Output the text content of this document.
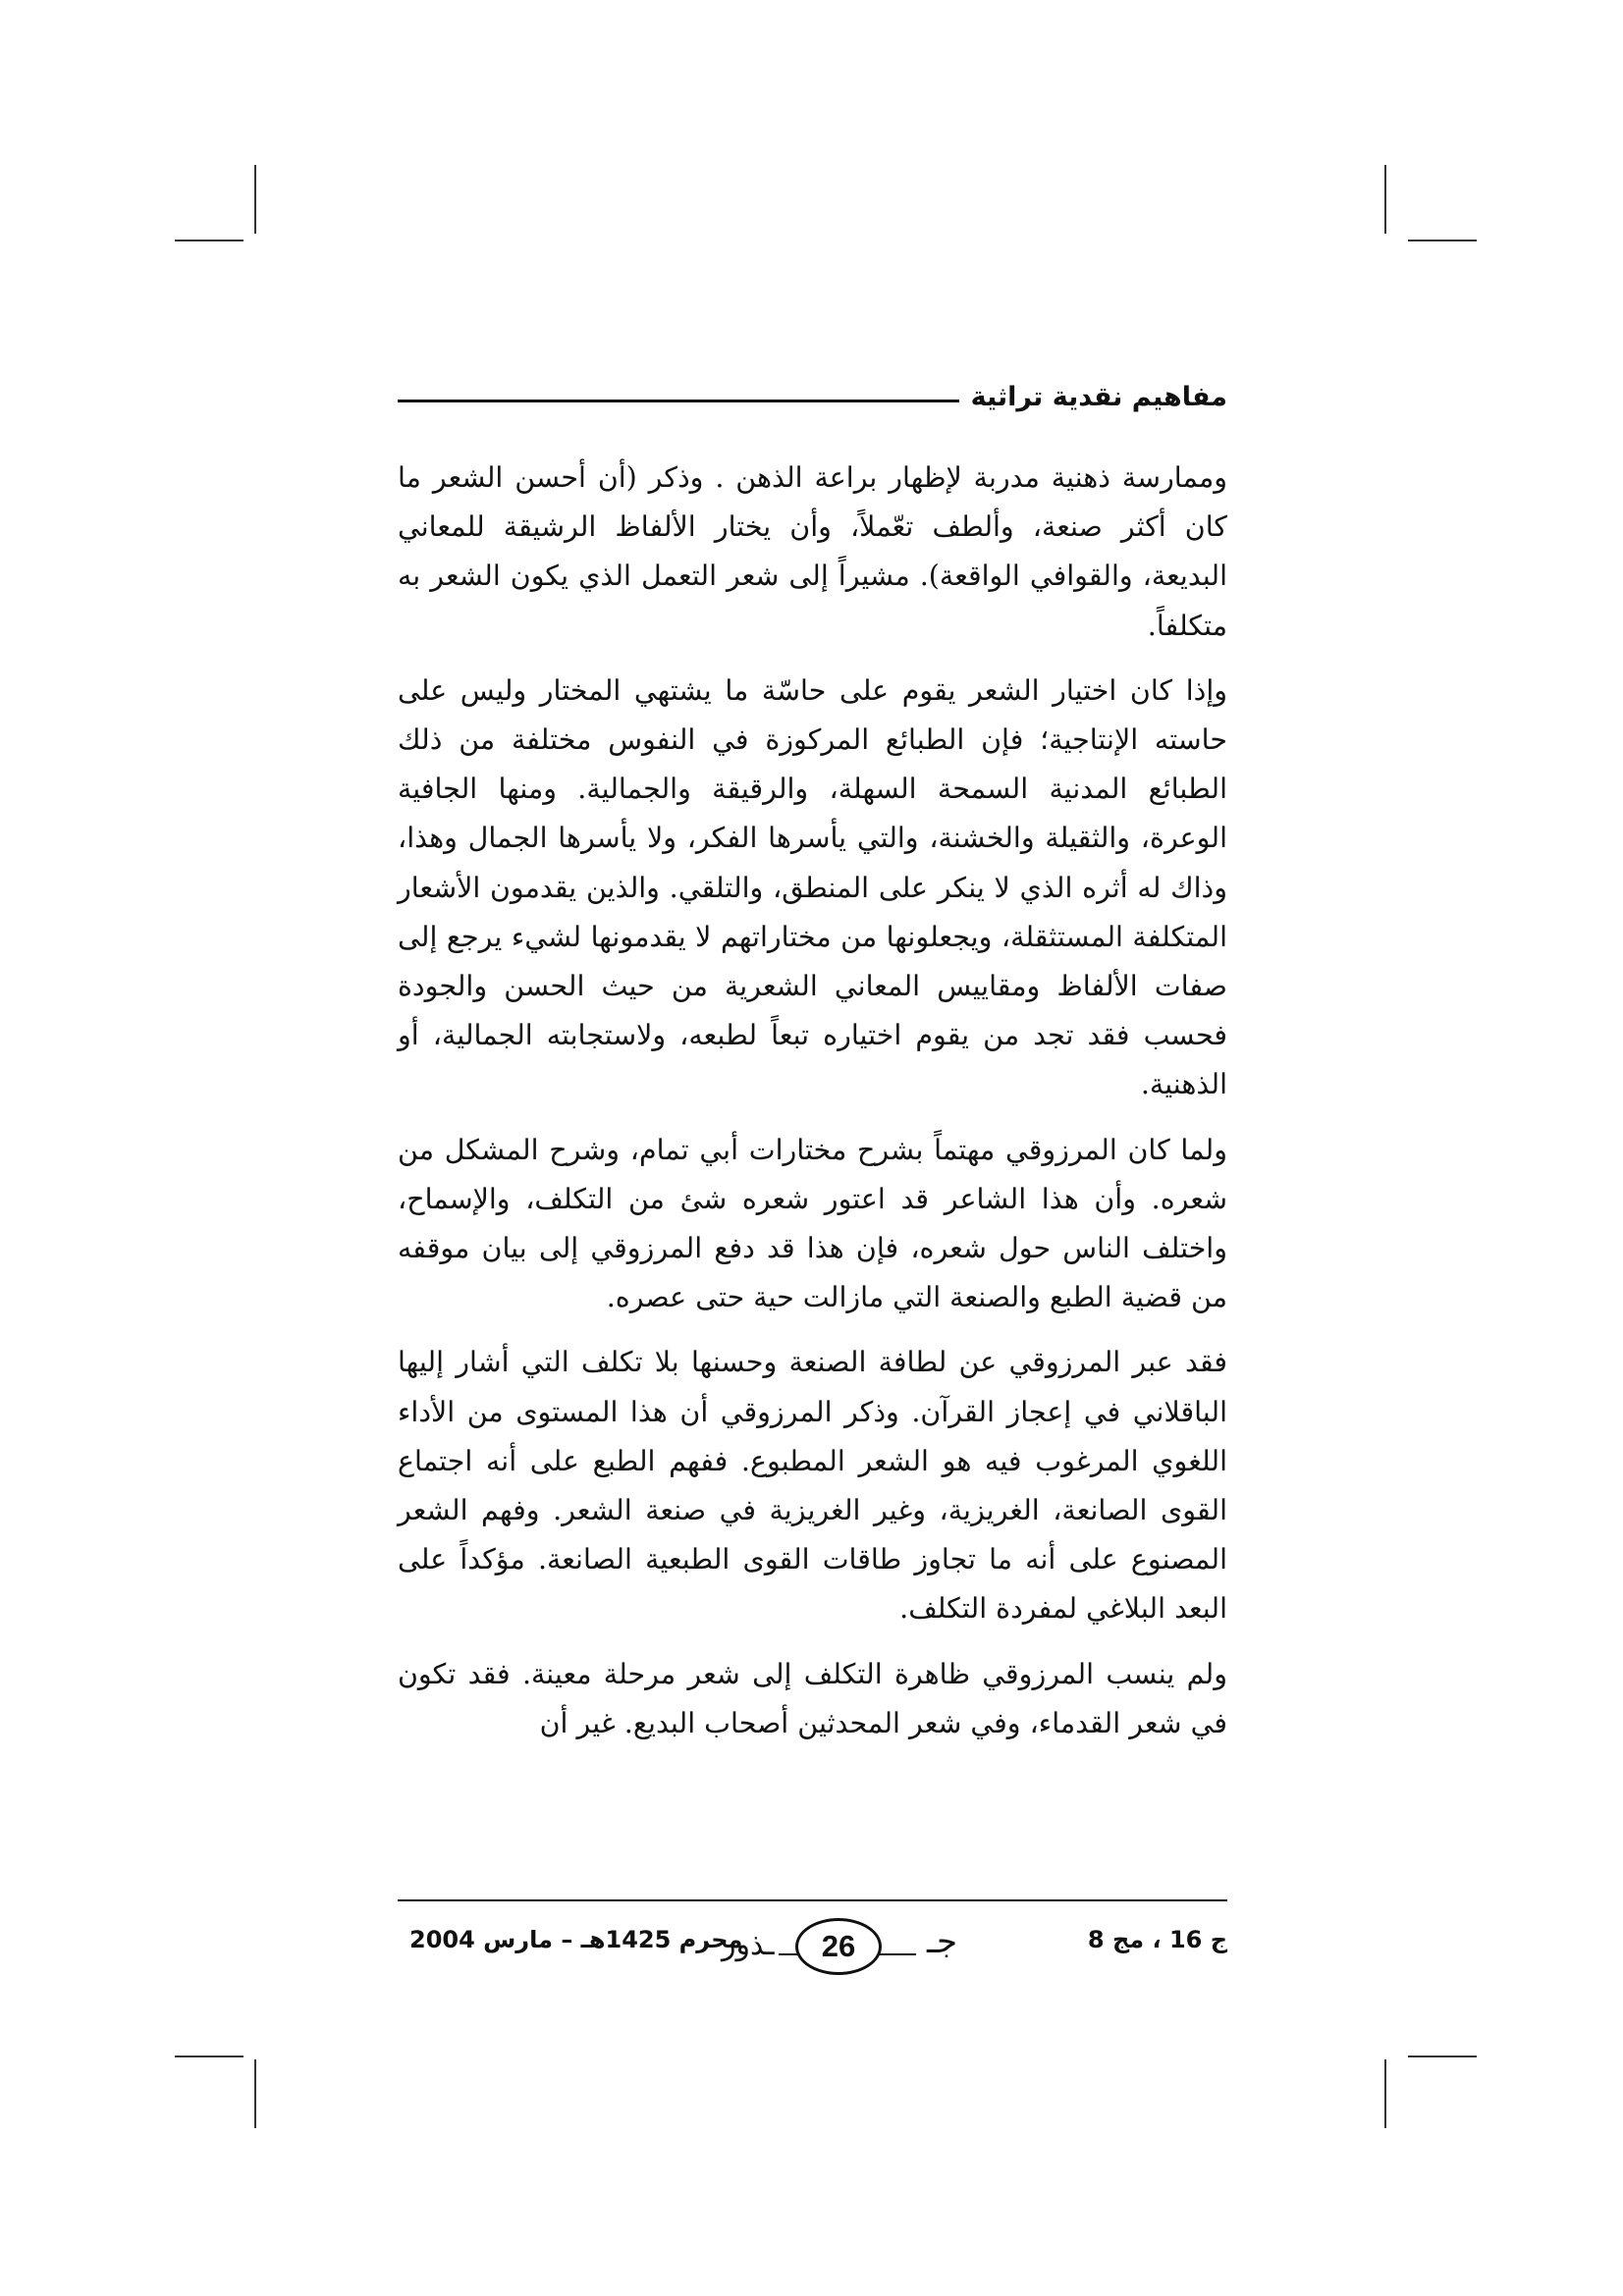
مفاهيم نقدية تراثية

وممارسة ذهنية مدربة لإظهار براعة الذهن . وذكر (أن أحسن الشعر ما كان أكثر صنعة، وألطف تعّملاً، وأن يختار الألفاظ الرشيقة للمعاني البديعة، والقوافي الواقعة). مشيراً إلى شعر التعمل الذي يكون الشعر به متكلفاً.

وإذا كان اختيار الشعر يقوم على حاسّة ما يشتهي المختار وليس على حاسته الإنتاجية؛ فإن الطبائع المركوزة في النفوس مختلفة من ذلك الطبائع المدنية السمحة السهلة، والرقيقة والجمالية. ومنها الجافية الوعرة، والثقيلة والخشنة، والتي يأسرها الفكر، ولا يأسرها الجمال وهذا، وذاك له أثره الذي لا ينكر على المنطق، والتلقي. والذين يقدمون الأشعار المتكلفة المستثقلة، ويجعلونها من مختاراتهم لا يقدمونها لشيء يرجع إلى صفات الألفاظ ومقاييس المعاني الشعرية من حيث الحسن والجودة فحسب فقد تجد من يقوم اختياره تبعاً لطبعه، ولاستجابته الجمالية، أو الذهنية.

ولما كان المرزوقي مهتماً بشرح مختارات أبي تمام، وشرح المشكل من شعره. وأن هذا الشاعر قد اعتور شعره شئ من التكلف، والإسماح، واختلف الناس حول شعره، فإن هذا قد دفع المرزوقي إلى بيان موقفه من قضية الطبع والصنعة التي مازالت حية حتى عصره.

فقد عبر المرزوقي عن لطافة الصنعة وحسنها بلا تكلف التي أشار إليها الباقلاني في إعجاز القرآن. وذكر المرزوقي أن هذا المستوى من الأداء اللغوي المرغوب فيه هو الشعر المطبوع. ففهم الطبع على أنه اجتماع القوى الصانعة، الغريزية، وغير الغريزية في صنعة الشعر. وفهم الشعر المصنوع على أنه ما تجاوز طاقات القوى الطبعية الصانعة. مؤكداً على البعد البلاغي لمفردة التكلف.

ولم ينسب المرزوقي ظاهرة التكلف إلى شعر مرحلة معينة. فقد تكون في شعر القدماء، وفي شعر المحدثين أصحاب البديع. غير أن

ج 16 ، مج 8
ـذور	26	جـ
محرم 1425هـ – مارس 2004
